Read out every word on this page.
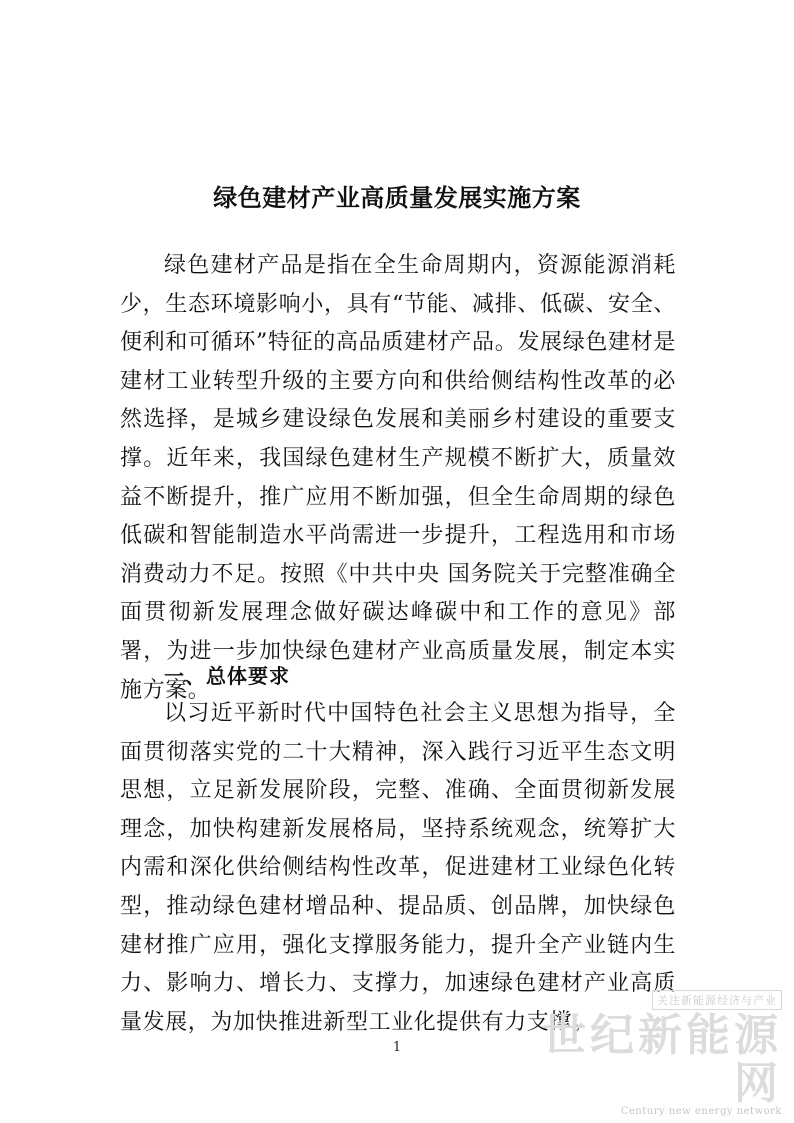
绿色建材产业高质量发展实施方案

绿色建材产品是指在全生命周期内，资源能源消耗少，生态环境影响小，具有“节能、减排、低碳、安全、便利和可循环”特征的高品质建材产品。发展绿色建材是建材工业转型升级的主要方向和供给侧结构性改革的必然选择，是城乡建设绿色发展和美丽乡村建设的重要支撑。近年来，我国绿色建材生产规模不断扩大，质量效益不断提升，推广应用不断加强，但全生命周期的绿色低碳和智能制造水平尚需进一步提升，工程选用和市场消费动力不足。按照《中共中央 国务院关于完整准确全面贯彻新发展理念做好碳达峰碳中和工作的意见》部署，为进一步加快绿色建材产业高质量发展，制定本实施方案。

一、总体要求

以习近平新时代中国特色社会主义思想为指导，全面贯彻落实党的二十大精神，深入践行习近平生态文明思想，立足新发展阶段，完整、准确、全面贯彻新发展理念，加快构建新发展格局，坚持系统观念，统筹扩大内需和深化供给侧结构性改革，促进建材工业绿色化转型，推动绿色建材增品种、提品质、创品牌，加快绿色建材推广应用，强化支撑服务能力，提升全产业链内生力、影响力、增长力、支撑力，加速绿色建材产业高质量发展，为加快推进新型工业化提供有力支撑。

1
关注新能源经济与产业
世纪新能源网
Century new energy network
